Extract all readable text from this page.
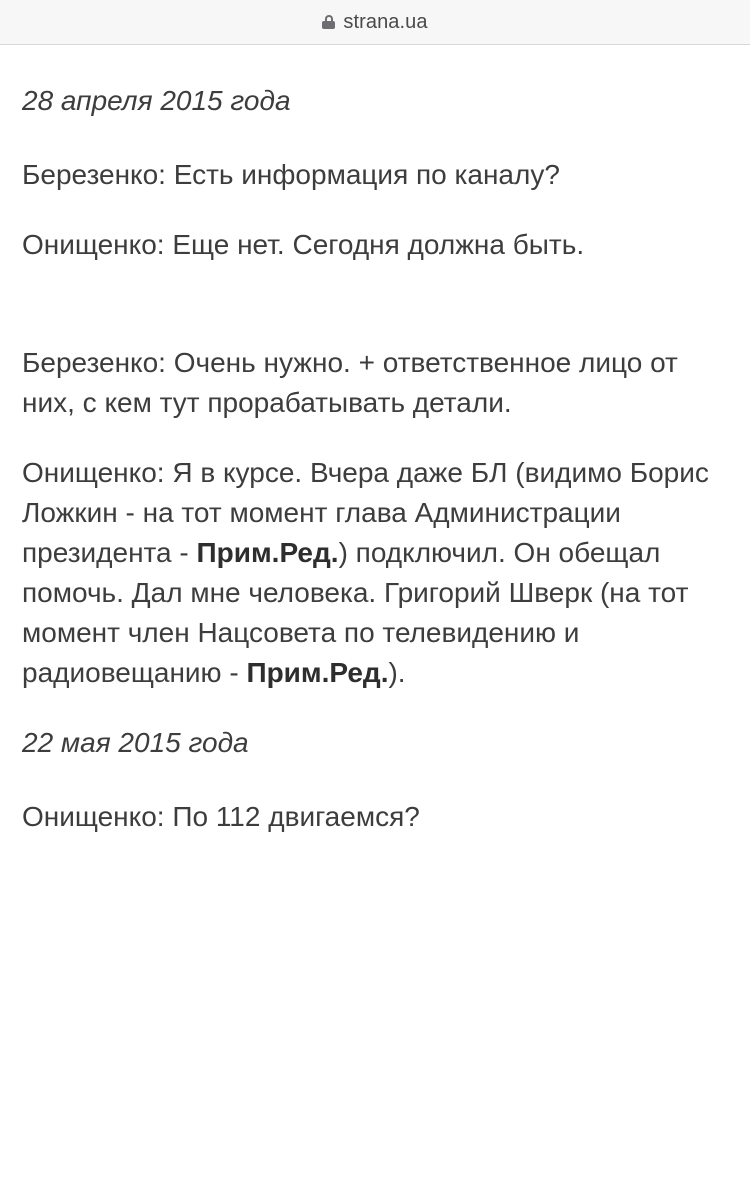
strana.ua
28 апреля 2015 года
Березенко: Есть информация по каналу?
Онищенко: Еще нет. Сегодня должна быть.
Березенко: Очень нужно. + ответственное лицо от них, с кем тут прорабатывать детали.
Онищенко: Я в курсе. Вчера даже БЛ (видимо Борис Ложкин - на тот момент глава Администрации президента - Прим.Ред.) подключил. Он обещал помочь. Дал мне человека. Григорий Шверк (на тот момент член Нацсовета по телевидению и радиовещанию - Прим.Ред.).
22 мая 2015 года
Онищенко: По 112 двигаемся?
